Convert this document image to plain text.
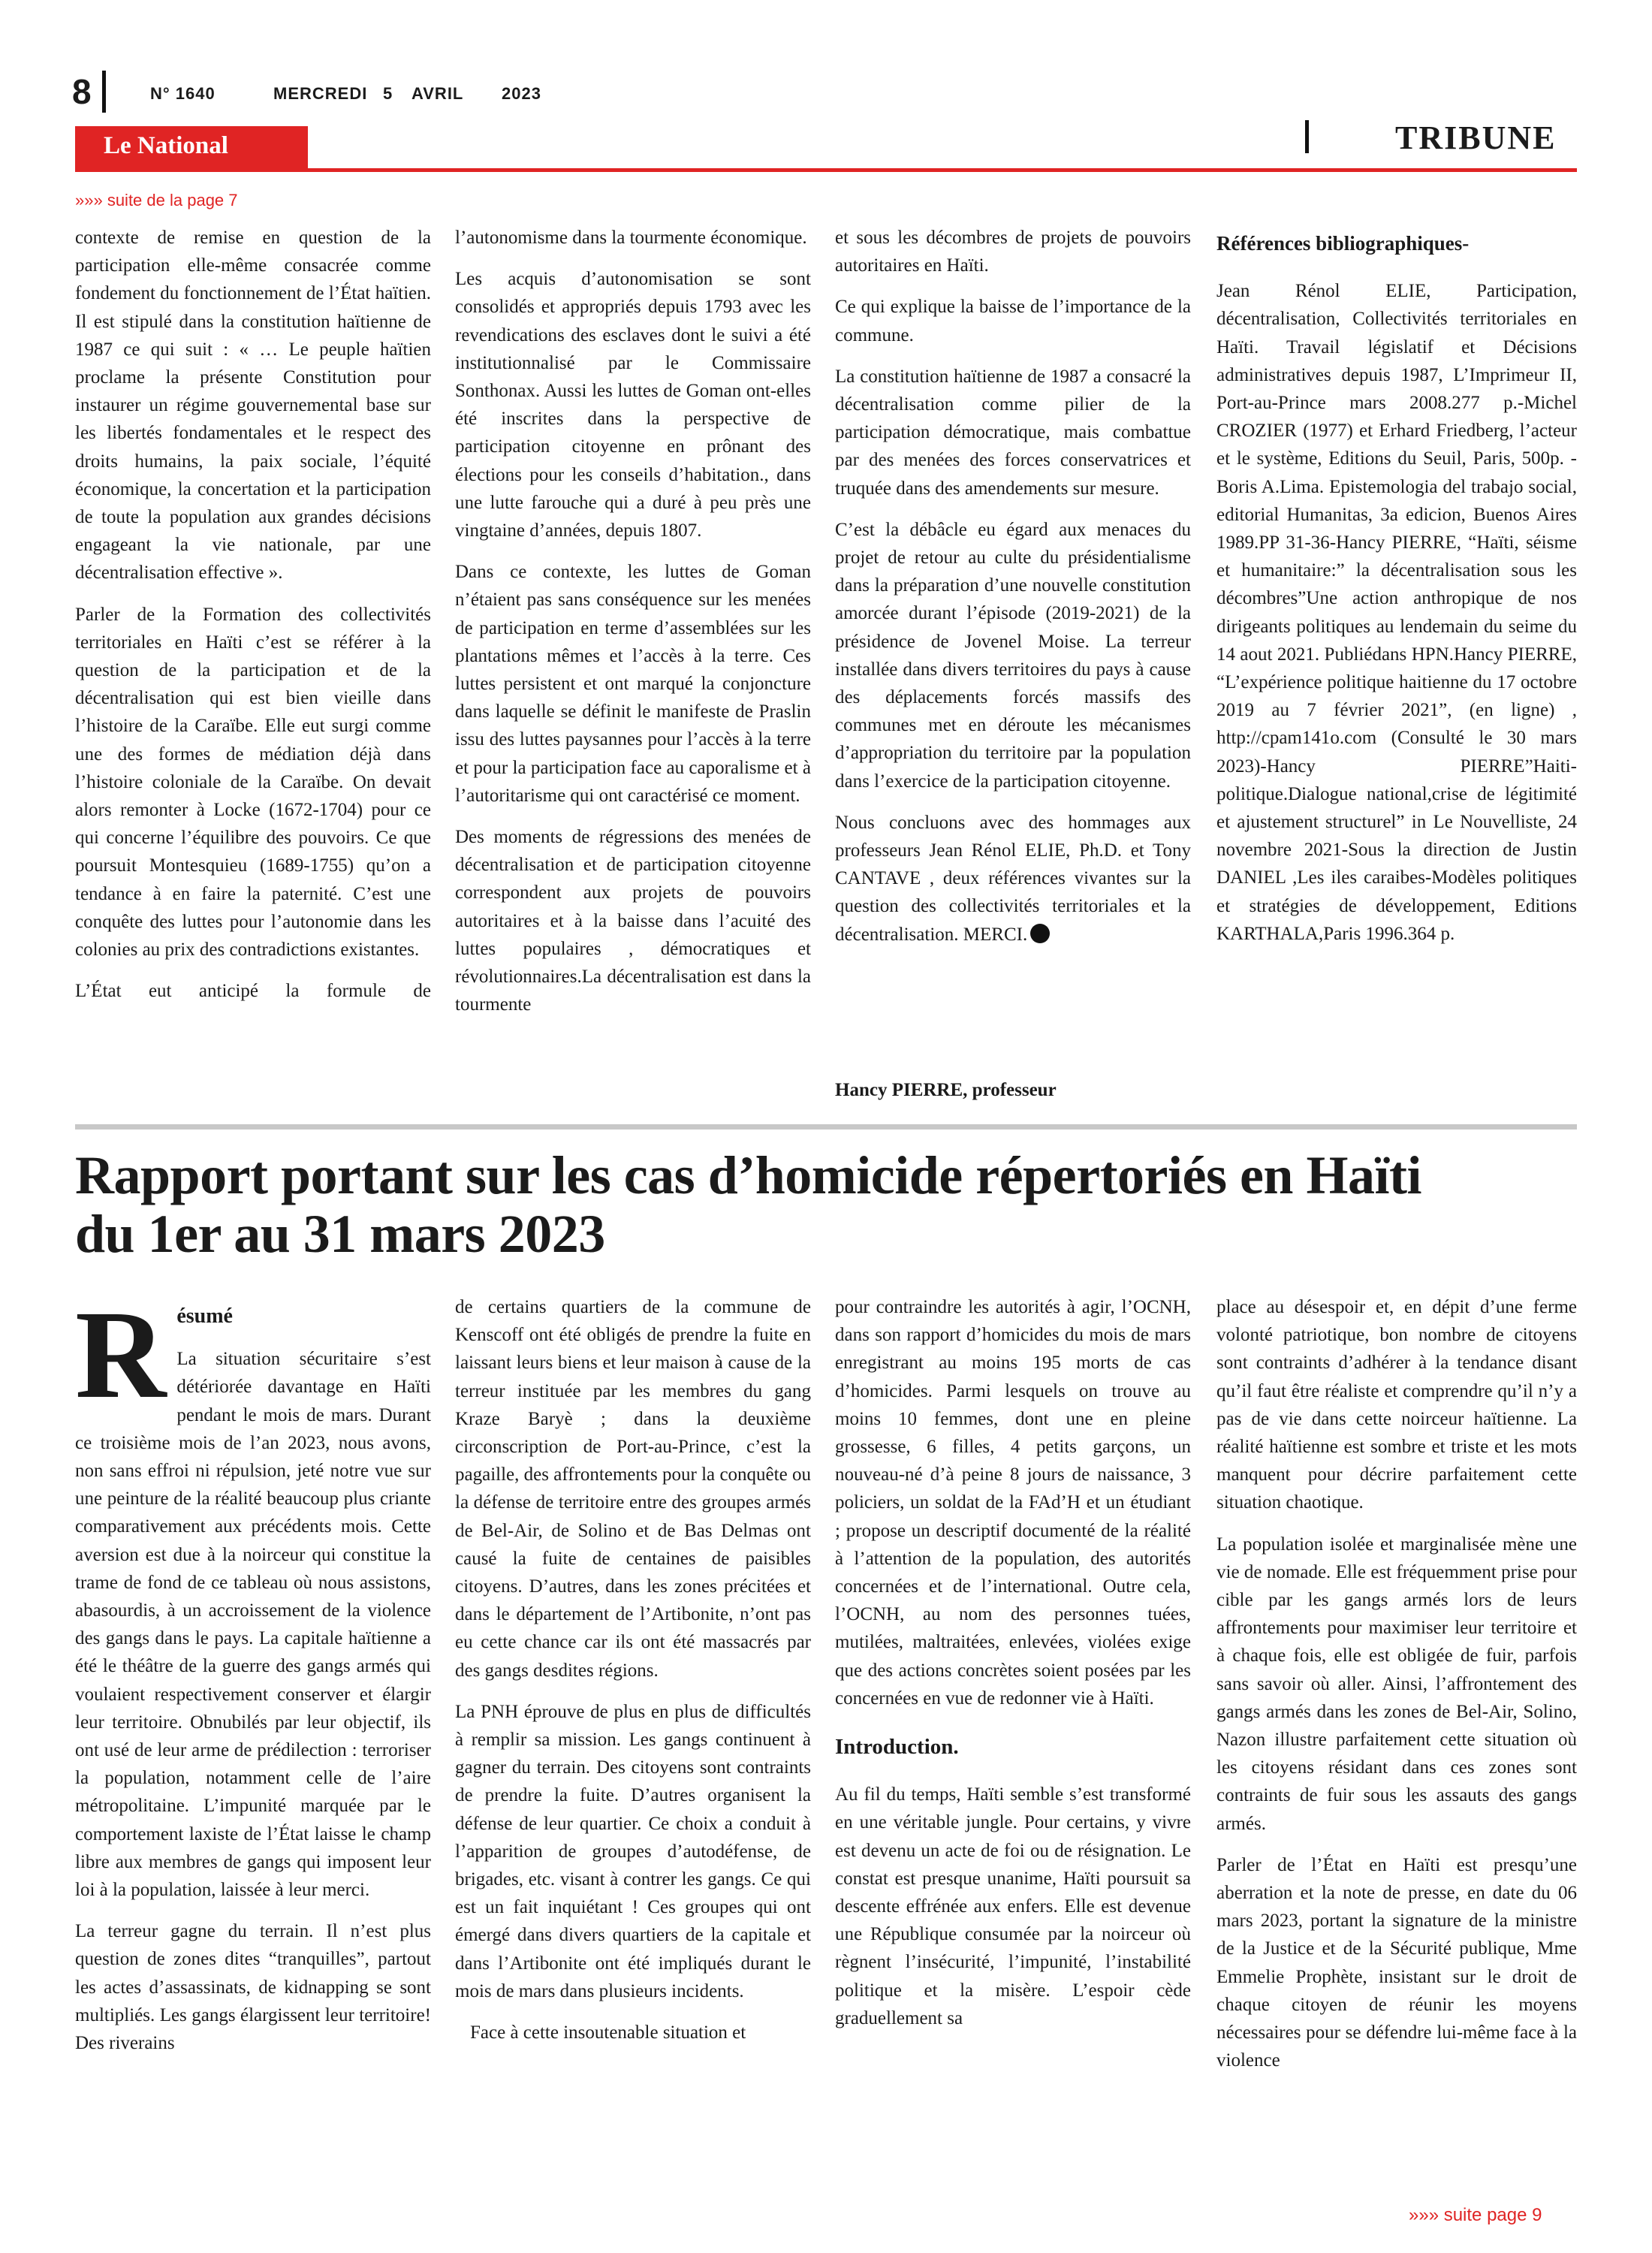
8	N° 1640	MERCREDI 5 AVRIL 2023
Le National	TRIBUNE
»»» suite de la page 7

contexte de remise en question de la participation elle-même consacrée comme fondement du fonctionnement de l’État haïtien. Il est stipulé dans la constitution haïtienne de 1987 ce qui suit : « … Le peuple haïtien proclame la présente Constitution pour instaurer un régime gouvernemental base sur les libertés fondamentales et le respect des droits humains, la paix sociale, l’équité économique, la concertation et la participation de toute la population aux grandes décisions engageant la vie nationale, par une décentralisation effective ».

Parler de la Formation des collectivités territoriales en Haïti c’est se référer à la question de la participation et de la décentralisation qui est bien vieille dans l’histoire de la Caraïbe. Elle eut surgi comme une des formes de médiation déjà dans l’histoire coloniale de la Caraïbe. On devait alors remonter à Locke (1672-1704) pour ce qui concerne l’équilibre des pouvoirs. Ce que poursuit Montesquieu (1689-1755) qu’on a tendance à en faire la paternité. C’est une conquête des luttes pour l’autonomie dans les colonies au prix des contradictions existantes.

L’État eut anticipé la formule de

l’autonomisme dans la tourmente économique.

Les acquis d’autonomisation se sont consolidés et appropriés depuis 1793 avec les revendications des esclaves dont le suivi a été institutionnalisé par le Commissaire Sonthonax. Aussi les luttes de Goman ont-elles été inscrites dans la perspective de participation citoyenne en prônant des élections pour les conseils d’habitation., dans une lutte farouche qui a duré à peu près une vingtaine d’années, depuis 1807.

Dans ce contexte, les luttes de Goman n’étaient pas sans conséquence sur les menées de participation en terme d’assemblées sur les plantations mêmes et l’accès à la terre. Ces luttes persistent et ont marqué la conjoncture dans laquelle se définit le manifeste de Praslin issu des luttes paysannes pour l’accès à la terre et pour la participation face au caporalisme et à l’autoritarisme qui ont caractérisé ce moment.

Des moments de régressions des menées de décentralisation et de participation citoyenne correspondent aux projets de pouvoirs autoritaires et à la baisse dans l’acuité des luttes populaires , démocratiques et révolutionnaires.La décentralisation est dans la tourmente

et sous les décombres de projets de pouvoirs autoritaires en Haïti.

Ce qui explique la baisse de l’importance de la commune.

La constitution haïtienne de 1987 a consacré la décentralisation comme pilier de la participation démocratique, mais combattue par des menées des forces conservatrices et truquée dans des amendements sur mesure.

C’est la débâcle eu égard aux menaces du projet de retour au culte du présidentialisme dans la préparation d’une nouvelle constitution amorcée durant l’épisode (2019-2021) de la présidence de Jovenel Moise. La terreur installée dans divers territoires du pays à cause des déplacements forcés massifs des communes met en déroute les mécanismes d’appropriation du territoire par la population dans l’exercice de la participation citoyenne.

Nous concluons avec des hommages aux professeurs Jean Rénol ELIE, Ph.D. et Tony CANTAVE , deux références vivantes sur la question des collectivités territoriales et la décentralisation. MERCI.

Hancy PIERRE, professeur

Références bibliographiques-

Jean Rénol ELIE, Participation, décentralisation, Collectivités territoriales en Haïti. Travail législatif et Décisions administratives depuis 1987, L’Imprimeur II, Port-au-Prince mars 2008.277 p.-Michel CROZIER (1977) et Erhard Friedberg, l’acteur et le système, Editions du Seuil, Paris, 500p. - Boris A.Lima. Epistemologia del trabajo social, editorial Humanitas, 3a edicion, Buenos Aires 1989.PP 31-36-Hancy PIERRE, “Haïti, séisme et humanitaire:” la décentralisation sous les décombres”Une action anthropique de nos dirigeants politiques au lendemain du seime du 14 aout 2021. Publiédans HPN.Hancy PIERRE, “L’expérience politique haitienne du 17 octobre 2019 au 7 février 2021”, (en ligne) , http://cpam141o.com (Consulté le 30 mars 2023)-Hancy PIERRE”Haiti-politique.Dialogue national,crise de légitimité et ajustement structurel” in Le Nouvelliste, 24 novembre 2021-Sous la direction de Justin DANIEL ,Les iles caraibes-Modèles politiques et stratégies de développement, Editions KARTHALA,Paris 1996.364 p.

Rapport portant sur les cas d’homicide répertoriés en Haïti
du 1er au 31 mars 2023
R ésumé

La situation sécuritaire s’est détériorée davantage en Haïti pendant le mois de mars. Durant ce troisième mois de l’an 2023, nous avons, non sans effroi ni répulsion, jeté notre vue sur une peinture de la réalité beaucoup plus criante comparativement aux précédents mois. Cette aversion est due à la noirceur qui constitue la trame de fond de ce tableau où nous assistons, abasourdis, à un accroissement de la violence des gangs dans le pays. La capitale haïtienne a été le théâtre de la guerre des gangs armés qui voulaient respectivement conserver et élargir leur territoire. Obnubilés par leur objectif, ils ont usé de leur arme de prédilection : terroriser la population, notamment celle de l’aire métropolitaine. L’impunité marquée par le comportement laxiste de l’État laisse le champ libre aux membres de gangs qui imposent leur loi à la population, laissée à leur merci.

La terreur gagne du terrain. Il n’est plus question de zones dites “tranquilles”, partout les actes d’assassinats, de kidnapping se sont multipliés. Les gangs élargissent leur territoire! Des riverains

de certains quartiers de la commune de Kenscoff ont été obligés de prendre la fuite en laissant leurs biens et leur maison à cause de la terreur instituée par les membres du gang Kraze Baryè ; dans la deuxième circonscription de Port-au-Prince, c’est la pagaille, des affrontements pour la conquête ou la défense de territoire entre des groupes armés de Bel-Air, de Solino et de Bas Delmas ont causé la fuite de centaines de paisibles citoyens. D’autres, dans les zones précitées et dans le département de l’Artibonite, n’ont pas eu cette chance car ils ont été massacrés par des gangs desdites régions.

La PNH éprouve de plus en plus de difficultés à remplir sa mission. Les gangs continuent à gagner du terrain. Des citoyens sont contraints de prendre la fuite. D’autres organisent la défense de leur quartier. Ce choix a conduit à l’apparition de groupes d’autodéfense, de brigades, etc. visant à contrer les gangs. Ce qui est un fait inquiétant ! Ces groupes qui ont émergé dans divers quartiers de la capitale et dans l’Artibonite ont été impliqués durant le mois de mars dans plusieurs incidents.

Face à cette insoutenable situation et

pour contraindre les autorités à agir, l’OCNH, dans son rapport d’homicides du mois de mars enregistrant au moins 195 morts de cas d’homicides. Parmi lesquels on trouve au moins 10 femmes, dont une en pleine grossesse, 6 filles, 4 petits garçons, un nouveau-né d’à peine 8 jours de naissance, 3 policiers, un soldat de la FAd’H et un étudiant ; propose un descriptif documenté de la réalité à l’attention de la population, des autorités concernées et de l’international. Outre cela, l’OCNH, au nom des personnes tuées, mutilées, maltraitées, enlevées, violées exige que des actions concrètes soient posées par les concernées en vue de redonner vie à Haïti.

Introduction.

Au fil du temps, Haïti semble s’est transformé en une véritable jungle. Pour certains, y vivre est devenu un acte de foi ou de résignation. Le constat est presque unanime, Haïti poursuit sa descente effrénée aux enfers. Elle est devenue une République consumée par la noirceur où règnent l’insécurité, l’impunité, l’instabilité politique et la misère. L’espoir cède graduellement sa

place au désespoir et, en dépit d’une ferme volonté patriotique, bon nombre de citoyens sont contraints d’adhérer à la tendance disant qu’il faut être réaliste et comprendre qu’il n’y a pas de vie dans cette noirceur haïtienne. La réalité haïtienne est sombre et triste et les mots manquent pour décrire parfaitement cette situation chaotique.

La population isolée et marginalisée mène une vie de nomade. Elle est fréquemment prise pour cible par les gangs armés lors de leurs affrontements pour maximiser leur territoire et à chaque fois, elle est obligée de fuir, parfois sans savoir où aller. Ainsi, l’affrontement des gangs armés dans les zones de Bel-Air, Solino, Nazon illustre parfaitement cette situation où les citoyens résidant dans ces zones sont contraints de fuir sous les assauts des gangs armés.

Parler de l’État en Haïti est presqu’une aberration et la note de presse, en date du 06 mars 2023, portant la signature de la ministre de la Justice et de la Sécurité publique, Mme Emmelie Prophète, insistant sur le droit de chaque citoyen de réunir les moyens nécessaires pour se défendre lui-même face à la violence

»»» suite page 9
